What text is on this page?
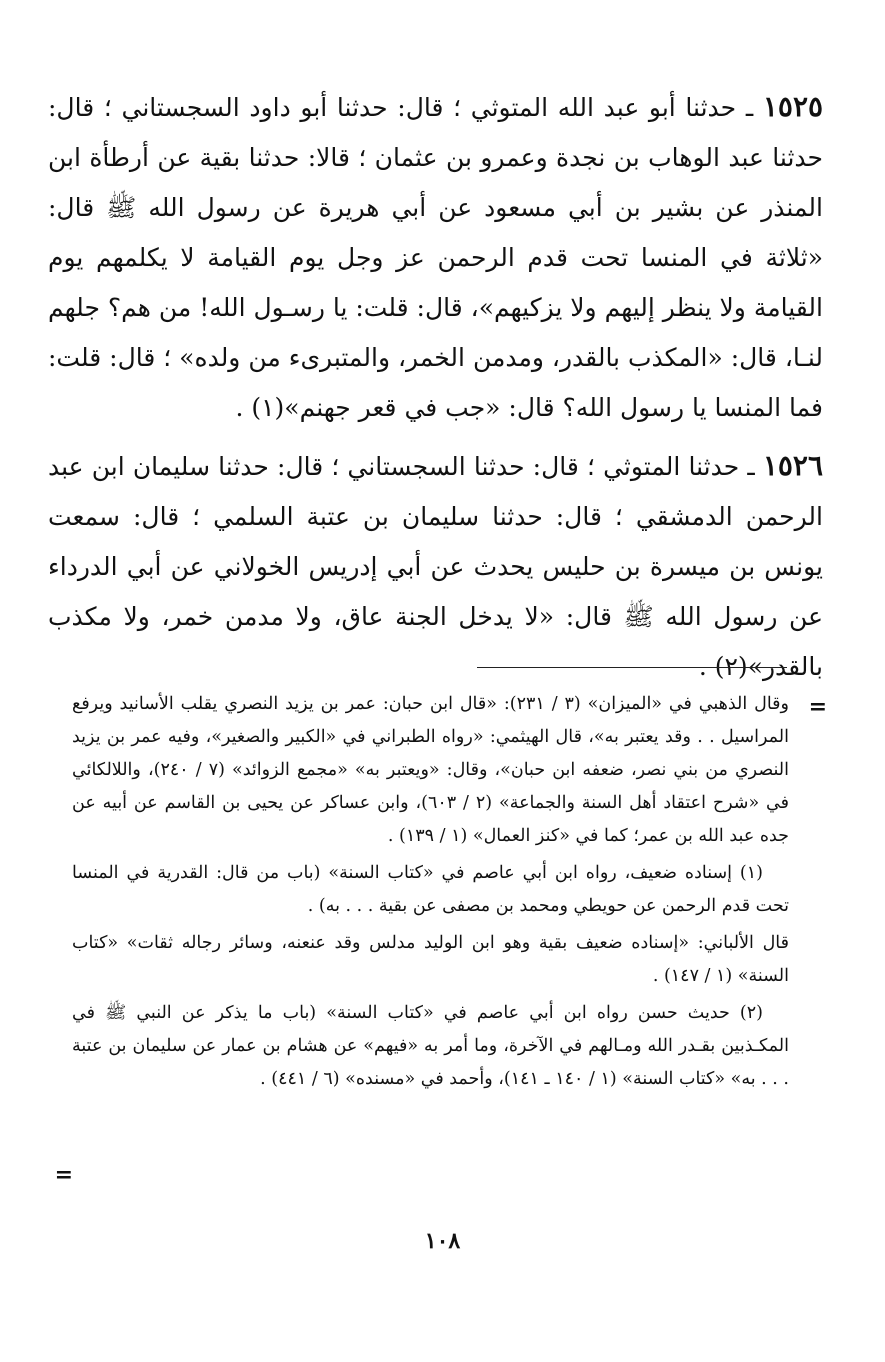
١٥٢٥ ـ حدثنا أبو عبد الله المتوثي ؛ قال: حدثنا أبو داود السجستاني ؛ قال: حدثنا عبد الوهاب بن نجدة وعمرو بن عثمان ؛ قالا: حدثنا بقية عن أرطأة ابن المنذر عن بشير بن أبي مسعود عن أبي هريرة عن رسول الله ﷺ قال: «ثلاثة في المنسا تحت قدم الرحمن عز وجل يوم القيامة لا يكلمهم يوم القيامة ولا ينظر إليهم ولا يزكيهم»، قال: قلت: يا رسـول الله! من هم؟ جلهم لنـا، قال: «المكذب بالقدر، ومدمن الخمر، والمتبرىء من ولده» ؛ قال: قلت: فما المنسا يا رسول الله؟ قال: «جب في قعر جهنم»(١) .

١٥٢٦ ـ حدثنا المتوثي ؛ قال: حدثنا السجستاني ؛ قال: حدثنا سليمان ابن عبد الرحمن الدمشقي ؛ قال: حدثنا سليمان بن عتبة السلمي ؛ قال: سمعت يونس بن ميسرة بن حليس يحدث عن أبي إدريس الخولاني عن أبي الدرداء عن رسول الله ﷺ قال: «لا يدخل الجنة عاق، ولا مدمن خمر، ولا مكذب بالقدر»(٢) .

=

وقال الذهبي في «الميزان» (٣ / ٢٣١): «قال ابن حبان: عمر بن يزيد النصري يقلب الأسانيد ويرفع المراسيل . . وقد يعتبر به»، قال الهيثمي: «رواه الطبراني في «الكبير والصغير»، وفيه عمر بن يزيد النصري من بني نصر، ضعفه ابن حبان»، وقال: «ويعتبر به» «مجمع الزوائد» (٧ / ٢٤٠)، واللالكائي في «شرح اعتقاد أهل السنة والجماعة» (٢ / ٦٠٣)، وابن عساكر عن يحيى بن القاسم عن أبيه عن جده عبد الله بن عمر؛ كما في «كنز العمال» (١ / ١٣٩) .

(١) إسناده ضعيف، رواه ابن أبي عاصم في «كتاب السنة» (باب من قال: القدرية في المنسا تحت قدم الرحمن عن حويطي ومحمد بن مصفى عن بقية . . . به) .

قال الألباني: «إسناده ضعيف بقية وهو ابن الوليد مدلس وقد عنعنه، وسائر رجاله ثقات» «كتاب السنة» (١ / ١٤٧) .

(٢) حديث حسن رواه ابن أبي عاصم في «كتاب السنة» (باب ما يذكر عن النبي ﷺ في المكـذبين بقـدر الله ومـالهم في الآخرة، وما أمر به «فيهم» عن هشام بن عمار عن سليمان بن عتبة . . . به» «كتاب السنة» (١ / ١٤٠ ـ ١٤١)، وأحمد في «مسنده» (٦ / ٤٤١) .

=
١٠٨
